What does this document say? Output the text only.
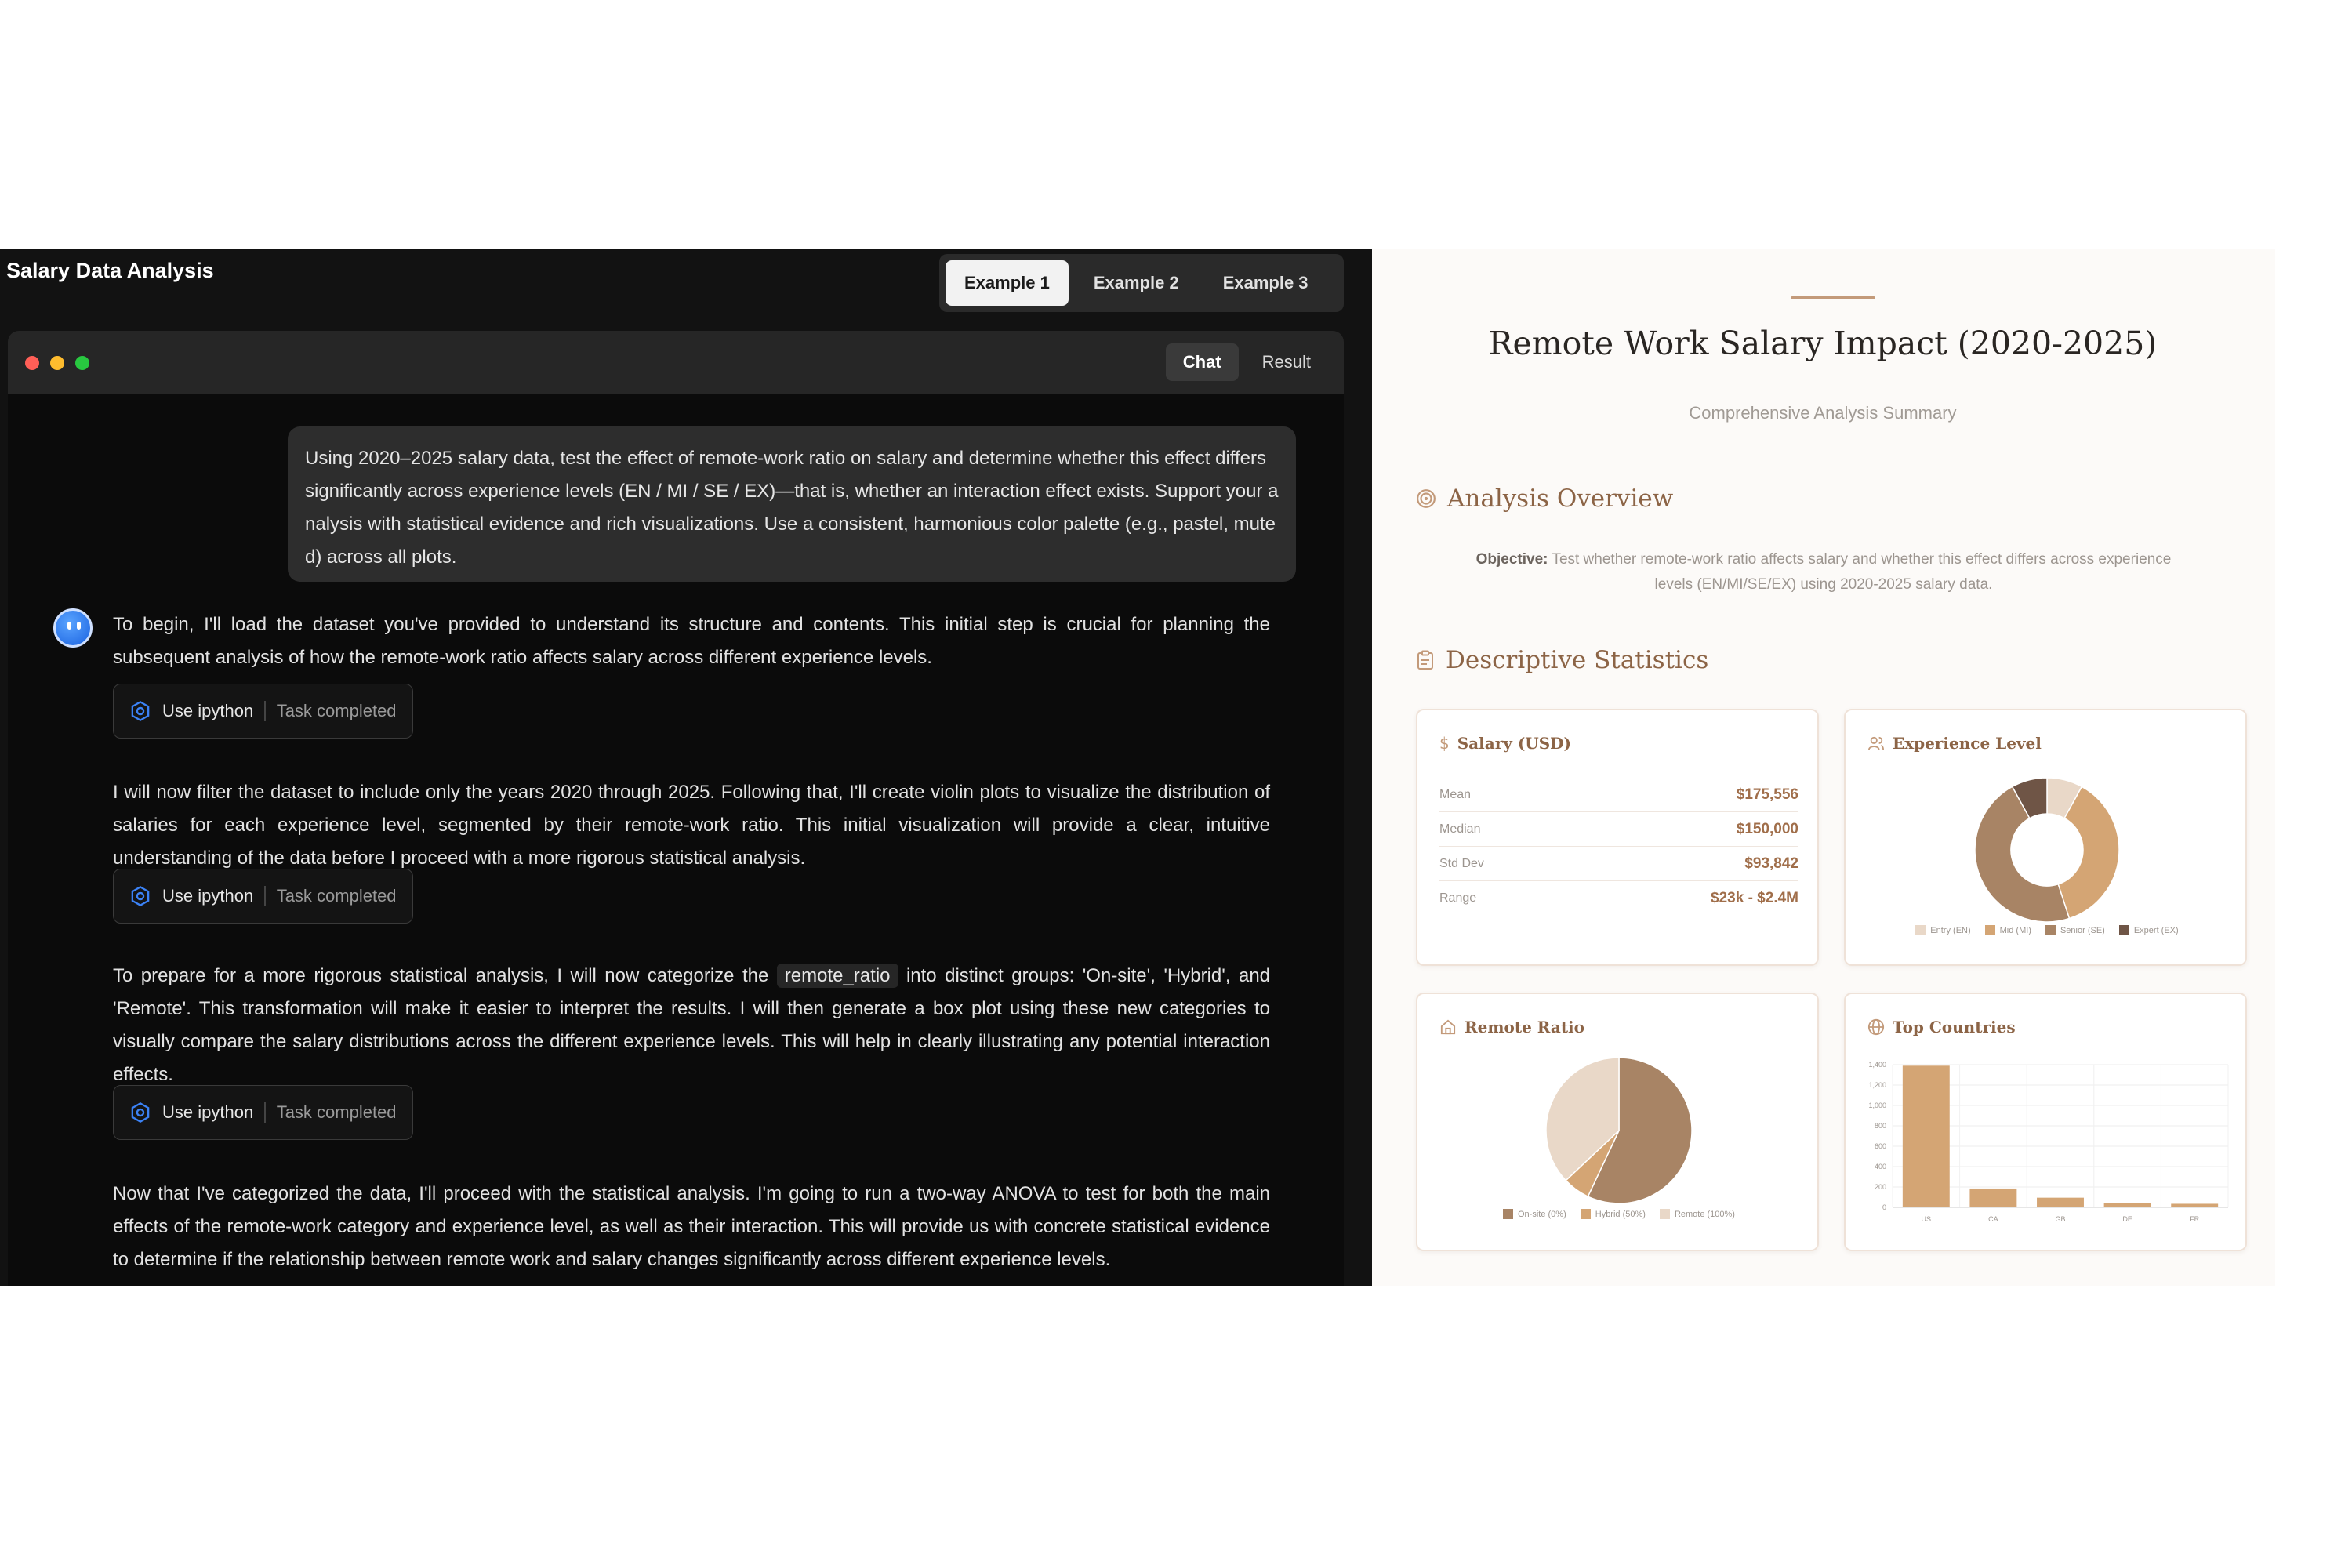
Salary Data Analysis
Example 1	Example 2	Example 3
Chat	Result
Using 2020–2025 salary data, test the effect of remote-work ratio on salary and determine whether this effect differs significantly across experience levels (EN / MI / SE / EX)—that is, whether an interaction effect exists. Support your analysis with statistical evidence and rich visualizations. Use a consistent, harmonious color palette (e.g., pastel, muted) across all plots.
To begin, I'll load the dataset you've provided to understand its structure and contents. This initial step is crucial for planning the subsequent analysis of how the remote-work ratio affects salary across different experience levels.
Use ipython Task completed
I will now filter the dataset to include only the years 2020 through 2025. Following that, I'll create violin plots to visualize the distribution of salaries for each experience level, segmented by their remote-work ratio. This initial visualization will provide a clear, intuitive understanding of the data before I proceed with a more rigorous statistical analysis.
Use ipython Task completed
To prepare for a more rigorous statistical analysis, I will now categorize the remote_ratio into distinct groups: 'On-site', 'Hybrid', and 'Remote'. This transformation will make it easier to interpret the results. I will then generate a box plot using these new categories to visually compare the salary distributions across the different experience levels. This will help in clearly illustrating any potential interaction effects.
Use ipython Task completed
Now that I've categorized the data, I'll proceed with the statistical analysis. I'm going to run a two-way ANOVA to test for both the main effects of the remote-work category and experience level, as well as their interaction. This will provide us with concrete statistical evidence to determine if the relationship between remote work and salary changes significantly across different experience levels.
Remote Work Salary Impact (2020-2025)
Comprehensive Analysis Summary
Analysis Overview
Objective: Test whether remote-work ratio affects salary and whether this effect differs across experience levels (EN/MI/SE/EX) using 2020-2025 salary data.
Descriptive Statistics
$ Salary (USD)
Mean	$175,556
Median	$150,000
Std Dev	$93,842
Range	$23k - $2.4M
Experience Level
Entry (EN)	Mid (MI)	Senior (SE)	Expert (EX)
Remote Ratio
On-site (0%)	Hybrid (50%)	Remote (100%)
Top Countries
0
200
400
600
800
1,000
1,200
1,400
US	CA	GB	DE	FR
